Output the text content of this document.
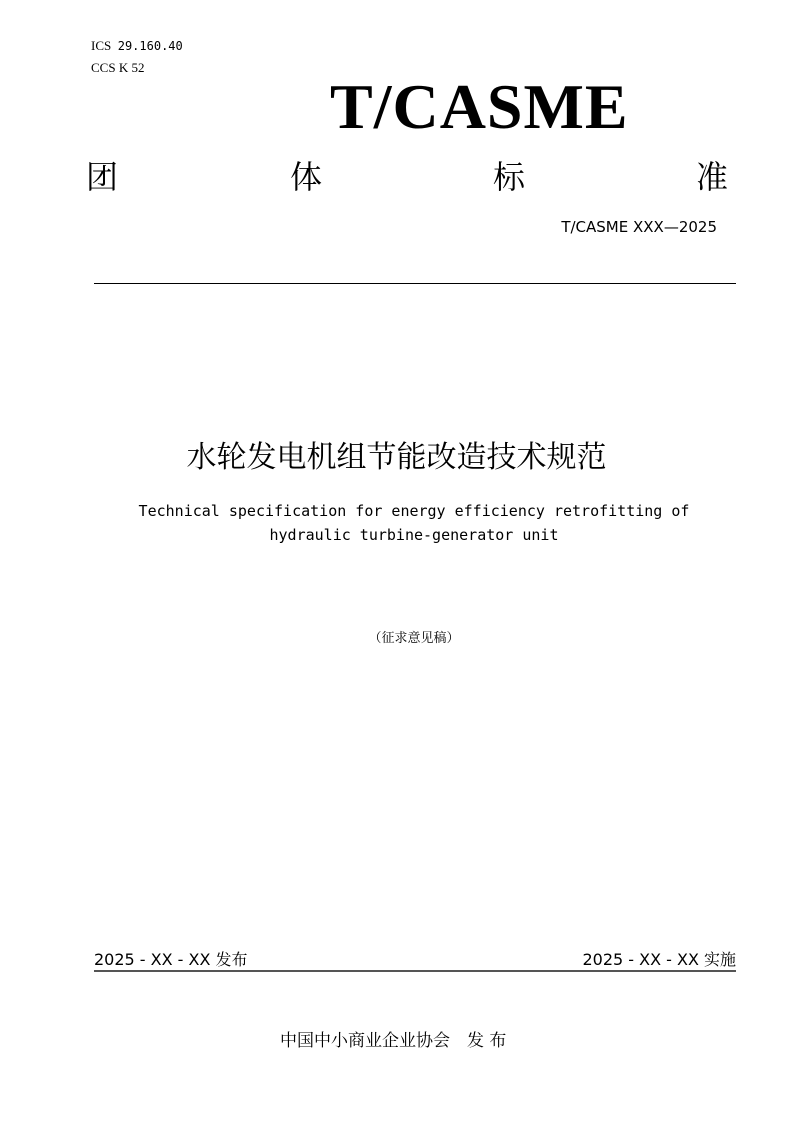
ICS 29.160.40
CCS K 52
T/CASME
团	体	标	准
T/CASME XXX—2025
水轮发电机组节能改造技术规范
Technical specification for energy efficiency retrofitting of
hydraulic turbine-generator unit
（征求意见稿）
2025 - XX - XX 发布	2025 - XX - XX 实施
中国中小商业企业协会　发 布
